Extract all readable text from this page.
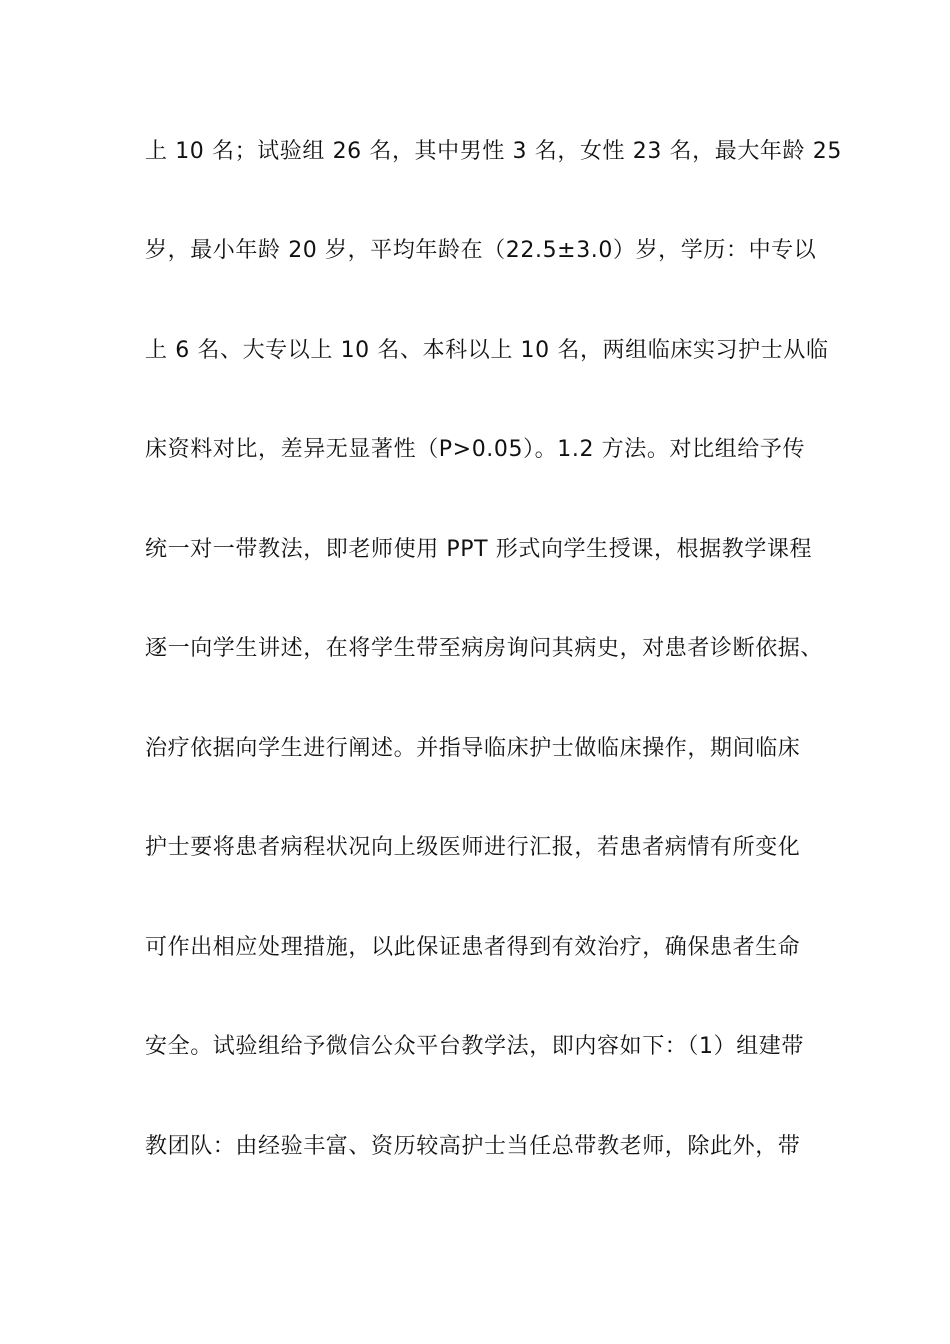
上 10 名；试验组 26 名，其中男性 3 名，女性 23 名，最大年龄 25
岁，最小年龄 20 岁，平均年龄在（22.5±3.0）岁，学历：中专以
上 6 名、大专以上 10 名、本科以上 10 名，两组临床实习护士从临
床资料对比，差异无显著性（P>0.05）。1.2 方法。对比组给予传
统一对一带教法，即老师使用 PPT 形式向学生授课，根据教学课程
逐一向学生讲述，在将学生带至病房询问其病史，对患者诊断依据、
治疗依据向学生进行阐述。并指导临床护士做临床操作，期间临床
护士要将患者病程状况向上级医师进行汇报，若患者病情有所变化
可作出相应处理措施，以此保证患者得到有效治疗，确保患者生命
安全。试验组给予微信公众平台教学法，即内容如下：（1）组建带
教团队：由经验丰富、资历较高护士当任总带教老师，除此外，带
